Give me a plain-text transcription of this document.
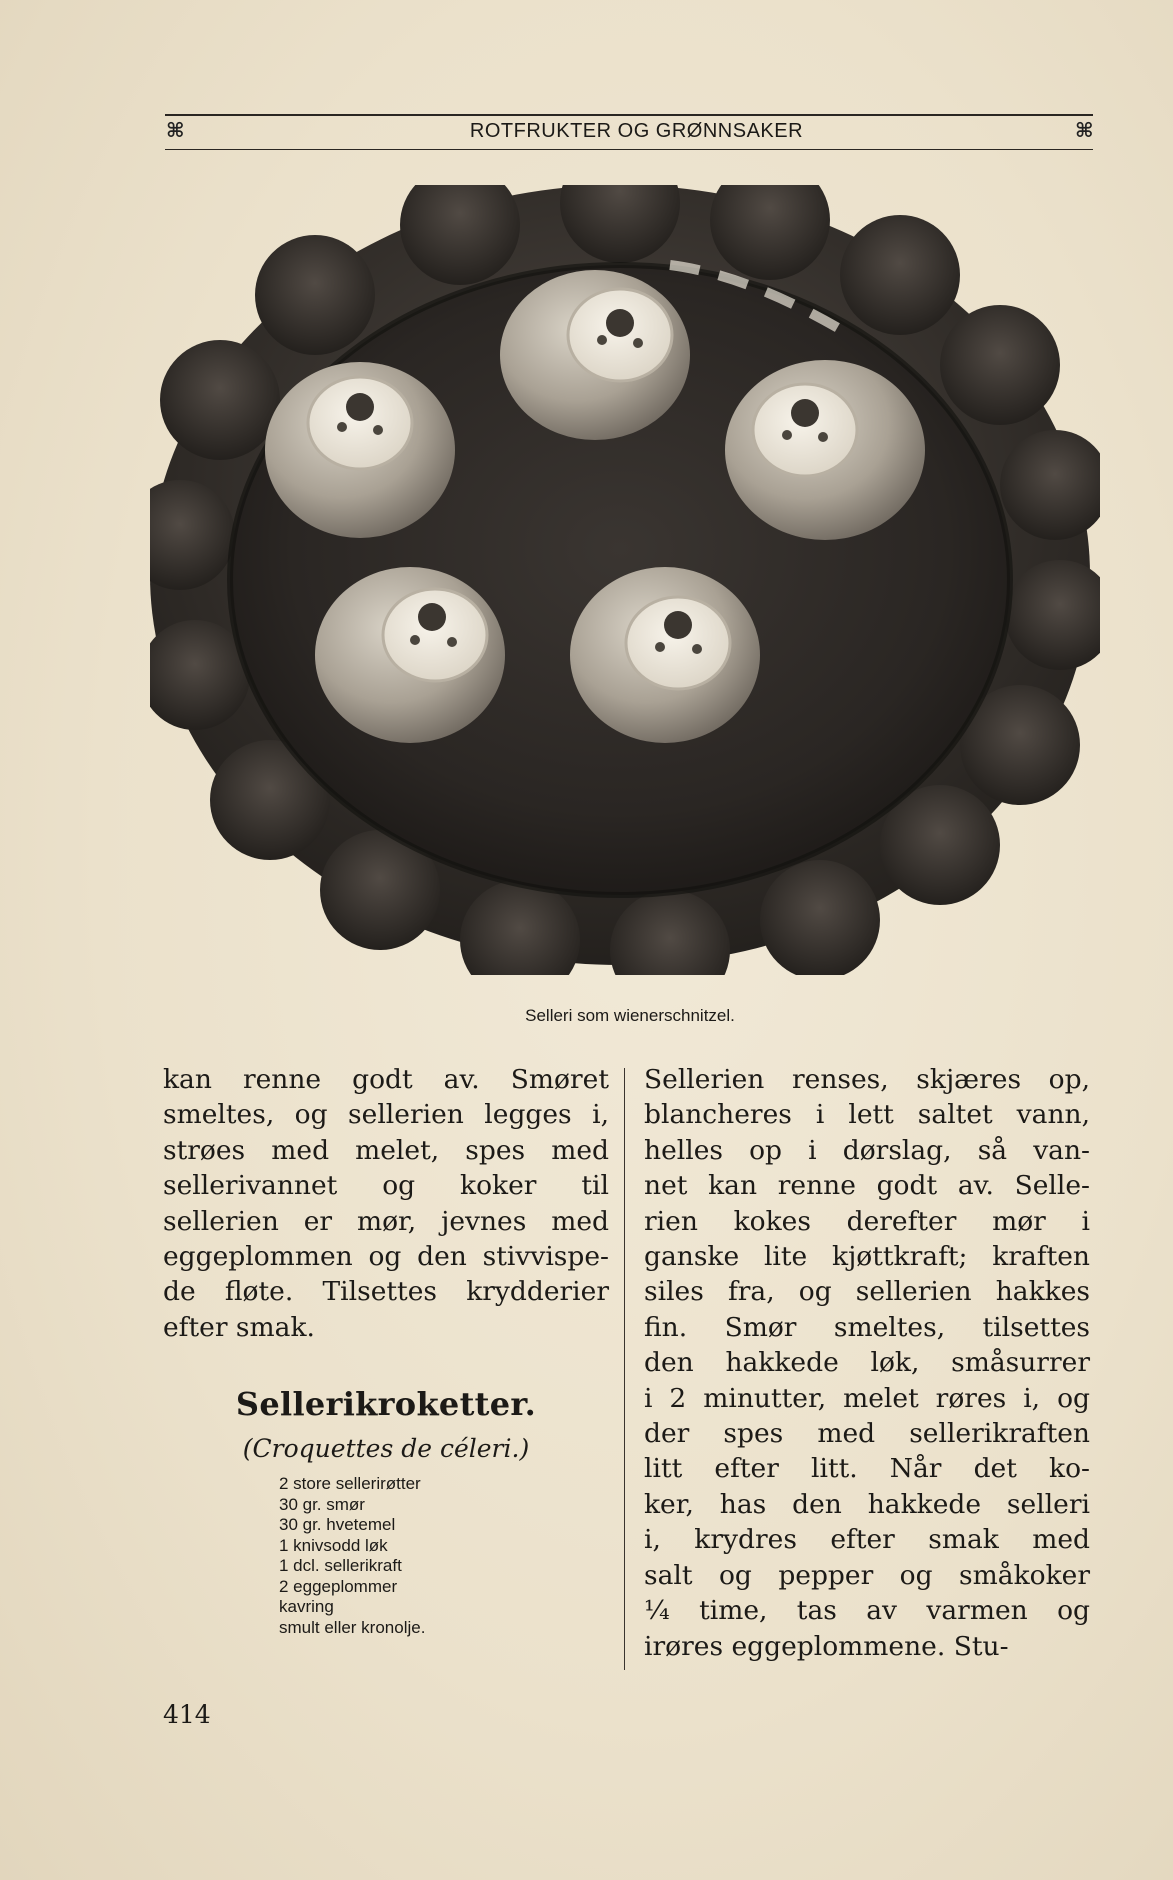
⌘	ROTFRUKTER OG GRØNNSAKER	⌘
Selleri som wienerschnitzel.

kan renne godt av. Smøret

smeltes, og sellerien legges i,

strøes med melet, spes med

sellerivannet og koker til

sellerien er mør, jevnes med

eggeplommen og den stivvispe-

de fløte. Tilsettes krydderier

efter smak.

Sellerikroketter.
(Croquettes de céleri.)
2 store sellerirøtter
30 gr. smør
30 gr. hvetemel
1 knivsodd løk
1 dcl. sellerikraft
2 eggeplommer
kavring
smult eller kronolje.

Sellerien renses, skjæres op,

blancheres i lett saltet vann,

helles op i dørslag, så van-

net kan renne godt av. Selle-

rien kokes derefter mør i

ganske lite kjøttkraft; kraften

siles fra, og sellerien hakkes

fin. Smør smeltes, tilsettes

den hakkede løk, småsurrer

i 2 minutter, melet røres i, og

der spes med sellerikraften

litt efter litt. Når det ko-

ker, has den hakkede selleri

i, krydres efter smak med

salt og pepper og småkoker

¼ time, tas av varmen og

irøres eggeplommene. Stu-

414
